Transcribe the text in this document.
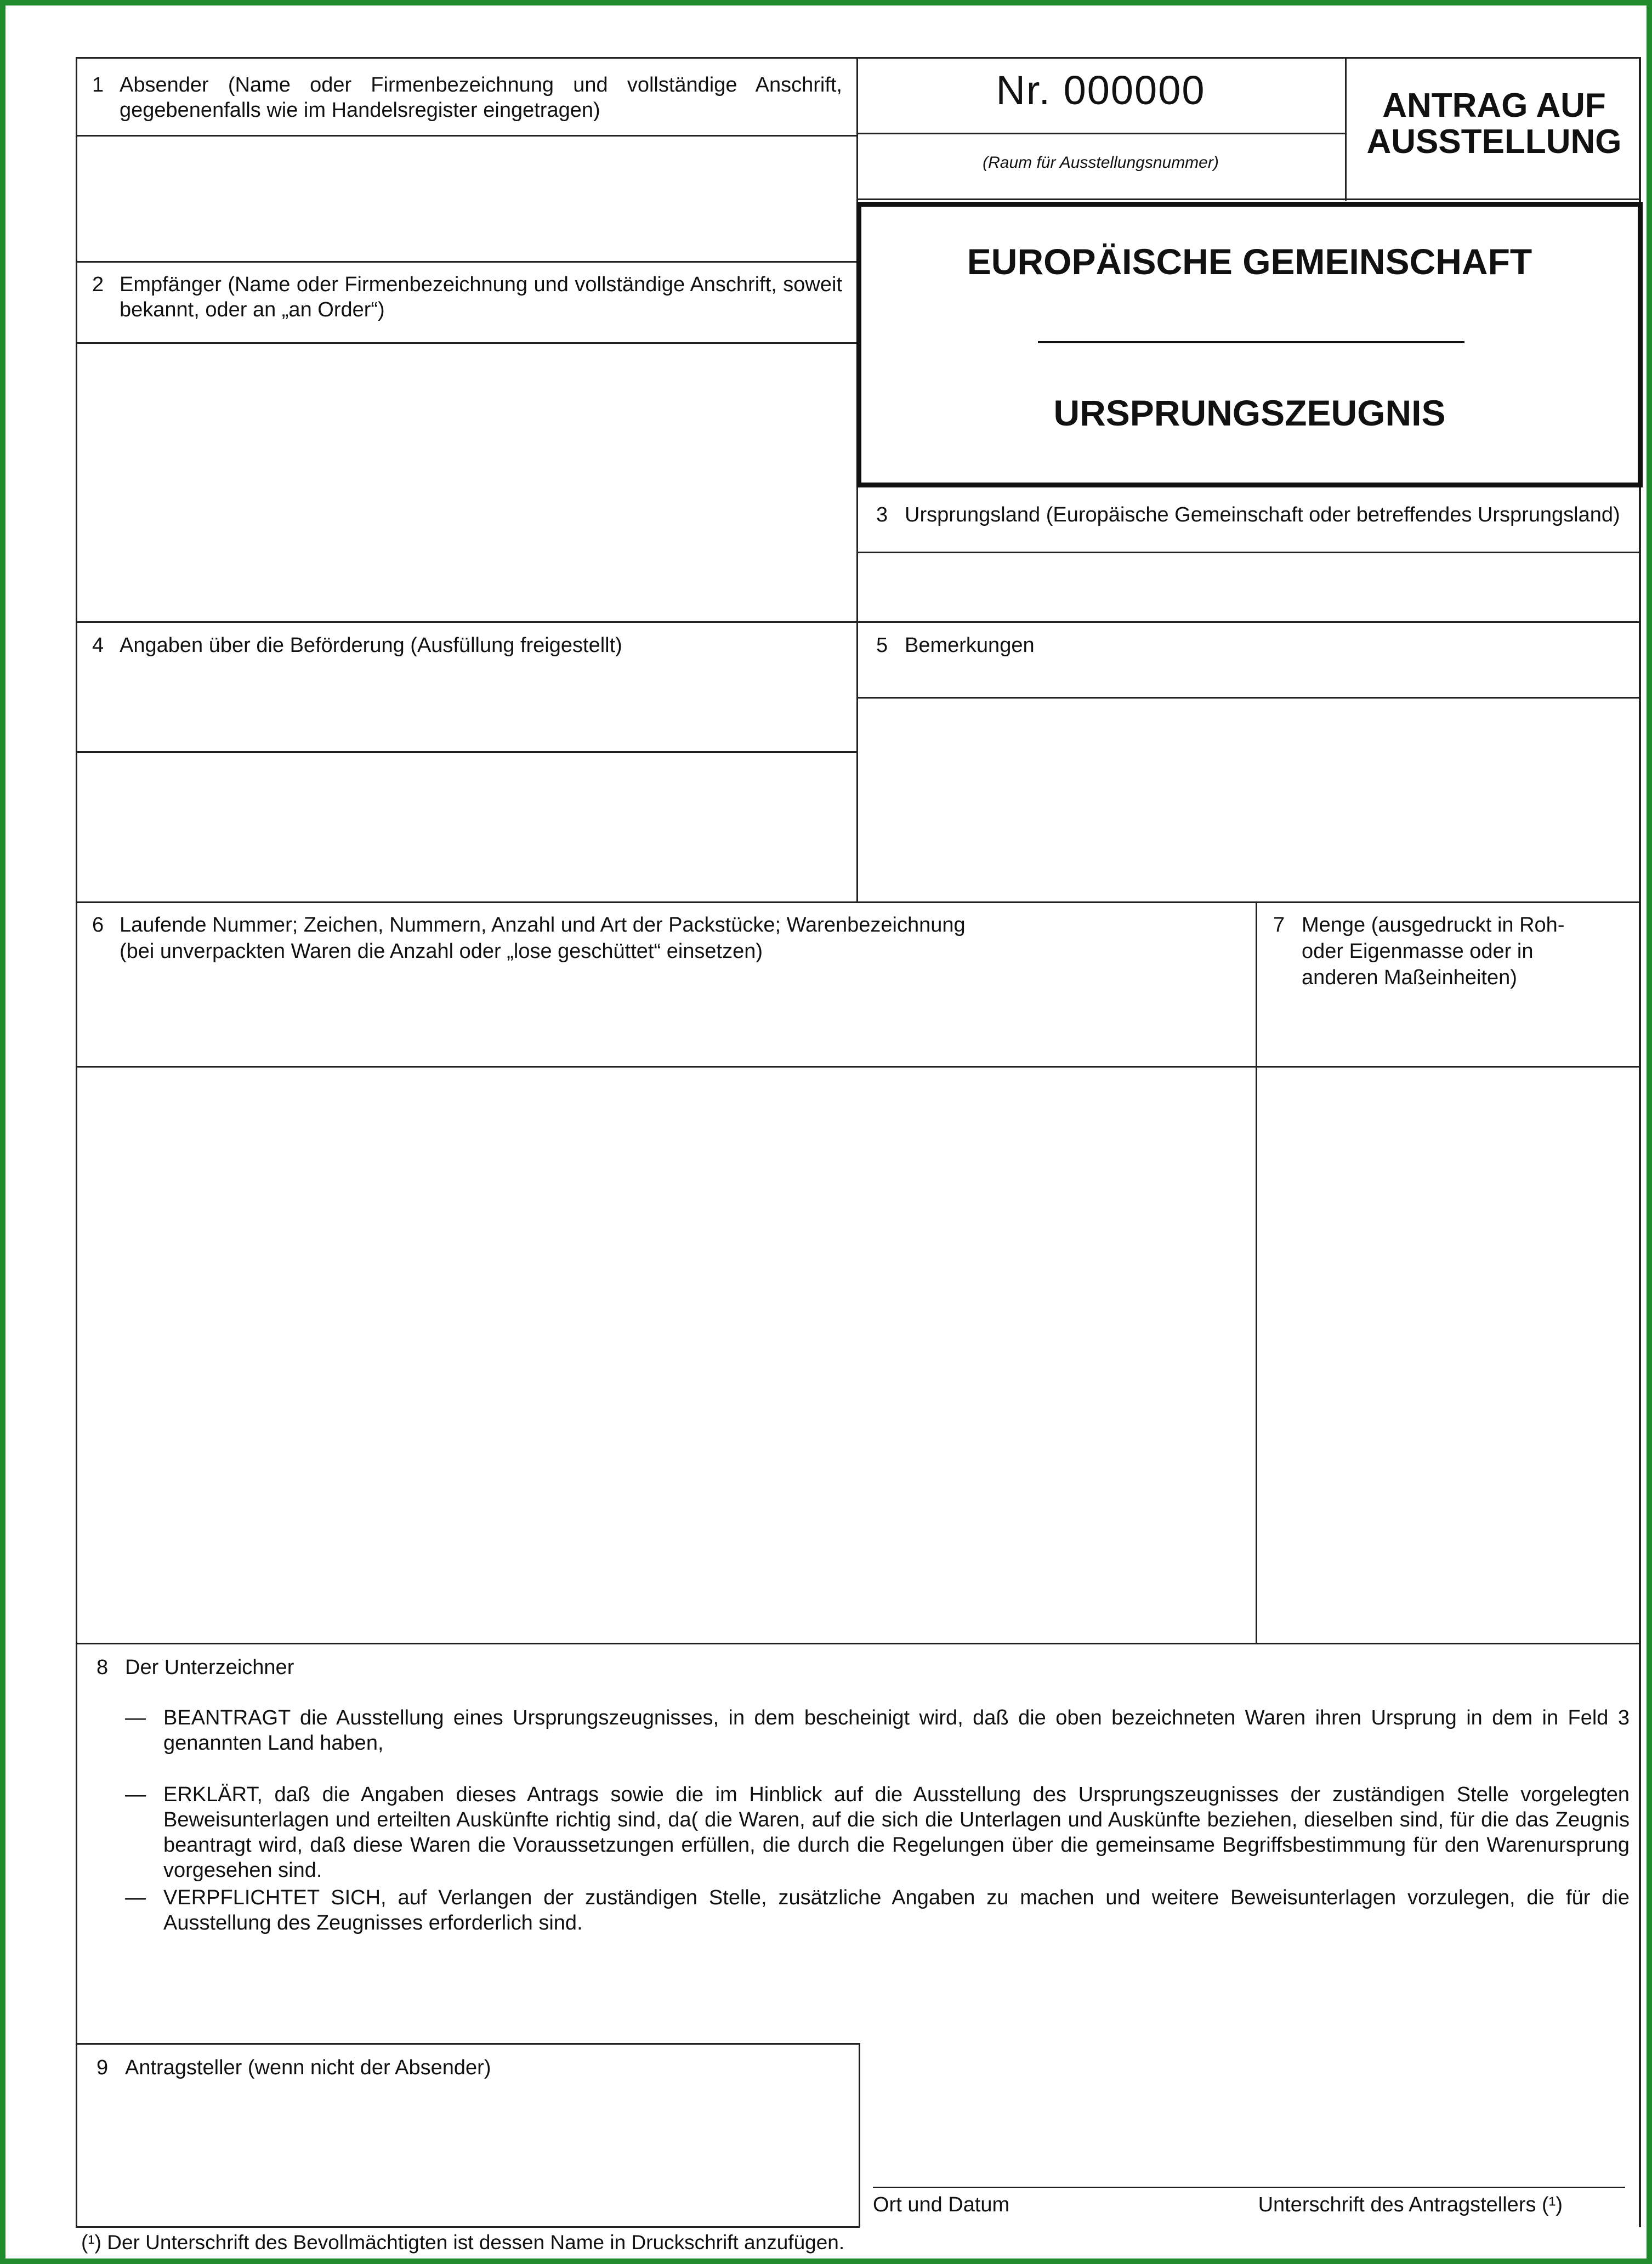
1 Absender (Name oder Firmenbezeichnung und vollständige Anschrift, gegebenenfalls wie im Handelsregister eingetragen)	Nr. 000000
(Raum für Ausstellungsnummer)
ANTRAG AUF AUSSTELLUNG
EUROPÄISCHE GEMEINSCHAFT
URSPRUNGSZEUGNIS
2 Empfänger (Name oder Firmenbezeichnung und vollständige Anschrift, soweit bekannt, oder an „an Order“)
3 Ursprungsland (Europäische Gemeinschaft oder betreffendes Ursprungsland)
4 Angaben über die Beförderung (Ausfüllung freigestellt)	5 Bemerkungen
6 Laufende Nummer; Zeichen, Nummern, Anzahl und Art der Packstücke; Warenbezeichnung
(bei unverpackten Waren die Anzahl oder „lose geschüttet“ einsetzen)
7 Menge (ausgedruckt in Roh-
oder Eigenmasse oder in
anderen Maßeinheiten)
8 Der Unterzeichner
— BEANTRAGT die Ausstellung eines Ursprungszeugnisses, in dem bescheinigt wird, daß die oben bezeichneten Waren ihren Ursprung in dem in Feld 3 genannten Land haben,
— ERKLÄRT, daß die Angaben dieses Antrags sowie die im Hinblick auf die Ausstellung des Ursprungszeugnisses der zuständigen Stelle vorgelegten Beweisunterlagen und erteilten Auskünfte richtig sind, da( die Waren, auf die sich die Unterlagen und Auskünfte beziehen, dieselben sind, für die das Zeugnis beantragt wird, daß diese Waren die Voraussetzungen erfüllen, die durch die Regelungen über die gemeinsame Begriffsbestimmung für den Warenursprung vorgesehen sind.
— VERPFLICHTET SICH, auf Verlangen der zuständigen Stelle, zusätzliche Angaben zu machen und weitere Beweisunterlagen vorzulegen, die für die Ausstellung des Zeugnisses erforderlich sind.
9 Antragsteller (wenn nicht der Absender)
Ort und Datum	Unterschrift des Antragstellers (¹)
(¹) Der Unterschrift des Bevollmächtigten ist dessen Name in Druckschrift anzufügen.
